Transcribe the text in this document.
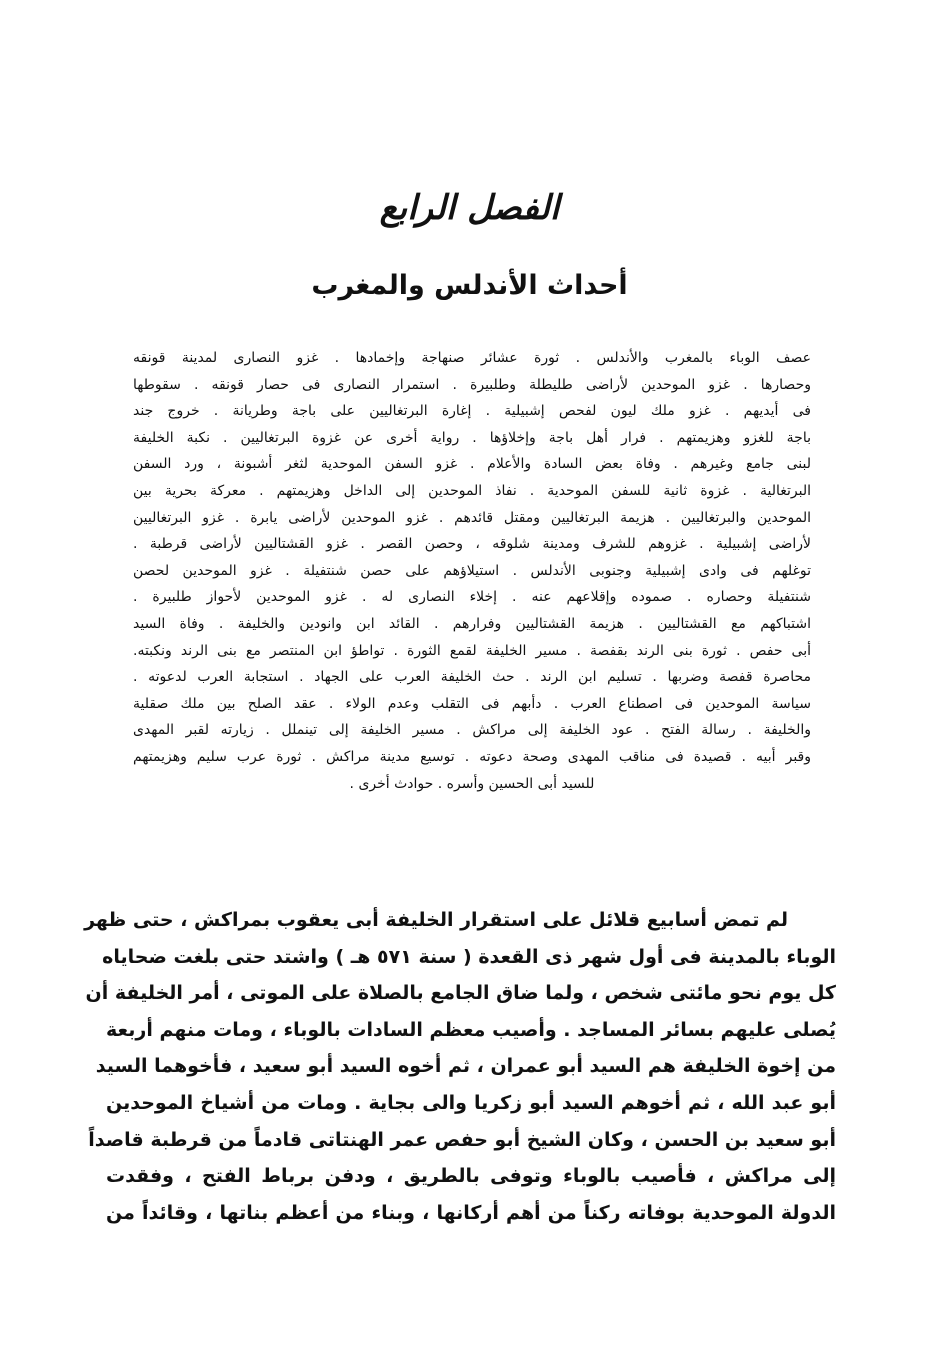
الفصل الرابع
أحداث الأندلس والمغرب
عصف الوباء بالمغرب والأندلس . ثورة عشائر صنهاجة وإخمادها . غزو النصارى لمدينة قونقه
وحصارها . غزو الموحدين لأراضى طليطلة وطلبيرة . استمرار النصارى فى حصار قونقه . سقوطها
فى أيديهم . غزو ملك ليون لفحص إشبيلية . إغارة البرتغاليين على باجة وطريانة . خروج جند
باجة للغزو وهزيمتهم . فرار أهل باجة وإخلاؤها . رواية أخرى عن غزوة البرتغاليين . نكبة الخليفة
لبنى جامع وغيرهم . وفاة بعض السادة والأعلام . غزو السفن الموحدية لثغر أشبونة ، ورد السفن
البرتغالية . غزوة ثانية للسفن الموحدية . نفاذ الموحدين إلى الداخل وهزيمتهم . معركة بحرية بين
الموحدين والبرتغاليين . هزيمة البرتغاليين ومقتل قائدهم . غزو الموحدين لأراضى يابرة . غزو البرتغاليين
لأراضى إشبيلية . غزوهم للشرف ومدينة شلوقه ، وحصن القصر . غزو القشتاليين لأراضى قرطبة .
توغلهم فى وادى إشبيلية وجنوبى الأندلس . استيلاؤهم على حصن شنتفيلة . غزو الموحدين لحصن
شنتفيلة وحصاره . صموده وإقلاعهم عنه . إخلاء النصارى له . غزو الموحدين لأحواز طلبيرة .
اشتباكهم مع القشتاليين . هزيمة القشتاليين وفرارهم . القائد ابن وانودين والخليفة . وفاة السيد
أبى حفص . ثورة بنى الرند بقفصة . مسير الخليفة لقمع الثورة . تواطؤ ابن المنتصر مع بنى الرند ونكبته.
محاصرة قفصة وضربها . تسليم ابن الرند . حث الخليفة العرب على الجهاد . استجابة العرب لدعوته .
سياسة الموحدين فى اصطناع العرب . دأبهم فى التقلب وعدم الولاء . عقد الصلح بين ملك صقلية
والخليفة . رسالة الفتح . عود الخليفة إلى مراكش . مسير الخليفة إلى تينملل . زيارته لقبر المهدى
وقبر أبيه . قصيدة فى مناقب المهدى وصحة دعوته . توسيع مدينة مراكش . ثورة عرب سليم وهزيمتهم
للسيد أبى الحسين وأسره . حوادث أخرى .
لم تمض أسابيع قلائل على استقرار الخليفة أبى يعقوب بمراكش ، حتى ظهر
الوباء بالمدينة فى أول شهر ذى القعدة ( سنة ٥٧١ هـ ) واشتد حتى بلغت ضحاياه
كل يوم نحو مائتى شخص ، ولما ضاق الجامع بالصلاة على الموتى ، أمر الخليفة أن
يُصلى عليهم بسائر المساجد . وأصيب معظم السادات بالوباء ، ومات منهم أربعة
من إخوة الخليفة هم السيد أبو عمران ، ثم أخوه السيد أبو سعيد ، فأخوهما السيد
أبو عبد الله ، ثم أخوهم السيد أبو زكريا والى بجاية . ومات من أشياخ الموحدين
أبو سعيد بن الحسن ، وكان الشيخ أبو حفص عمر الهنتاتى قادماً من قرطبة قاصداً
إلى مراكش ، فأصيب بالوباء وتوفى بالطريق ، ودفن برباط الفتح ، وفقدت
الدولة الموحدية بوفاته ركناً من أهم أركانها ، وبناء من أعظم بناتها ، وقائداً من
